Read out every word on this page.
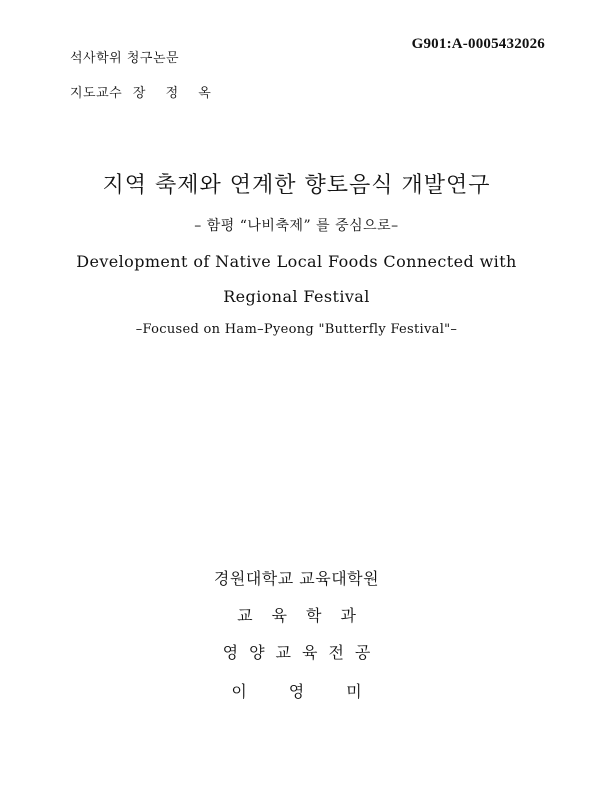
G901:A-0005432026
석사학위 청구논문
지도교수 장 정 옥
지역 축제와 연계한 향토음식 개발연구
– 함평 “나비축제” 를 중심으로–
Development of Native Local Foods Connected with
Regional Festival
–Focused on Ham–Pyeong "Butterfly Festival"–
경원대학교 교육대학원
교육학과
영양교육전공
이영미
